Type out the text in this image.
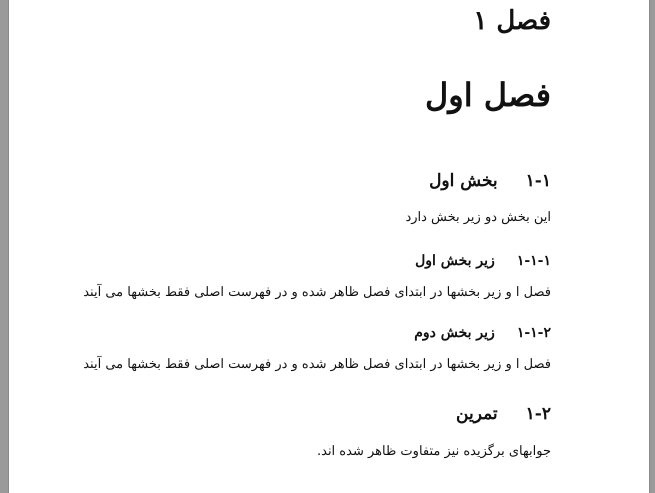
فصل ۱
فصل اول
۱-۱
بخش اول
این بخش دو زیر بخش دارد
۱-۱-۱
زیر بخش اول
فصل ا و زیر بخشها در ابتدای فصل ظاهر شده و در فهرست اصلی فقط بخشها می آیند
۱-۱-۲
زیر بخش دوم
فصل ا و زیر بخشها در ابتدای فصل ظاهر شده و در فهرست اصلی فقط بخشها می آیند
۱-۲
تمرین
جوابهای برگزیده نیز متفاوت ظاهر شده اند.
